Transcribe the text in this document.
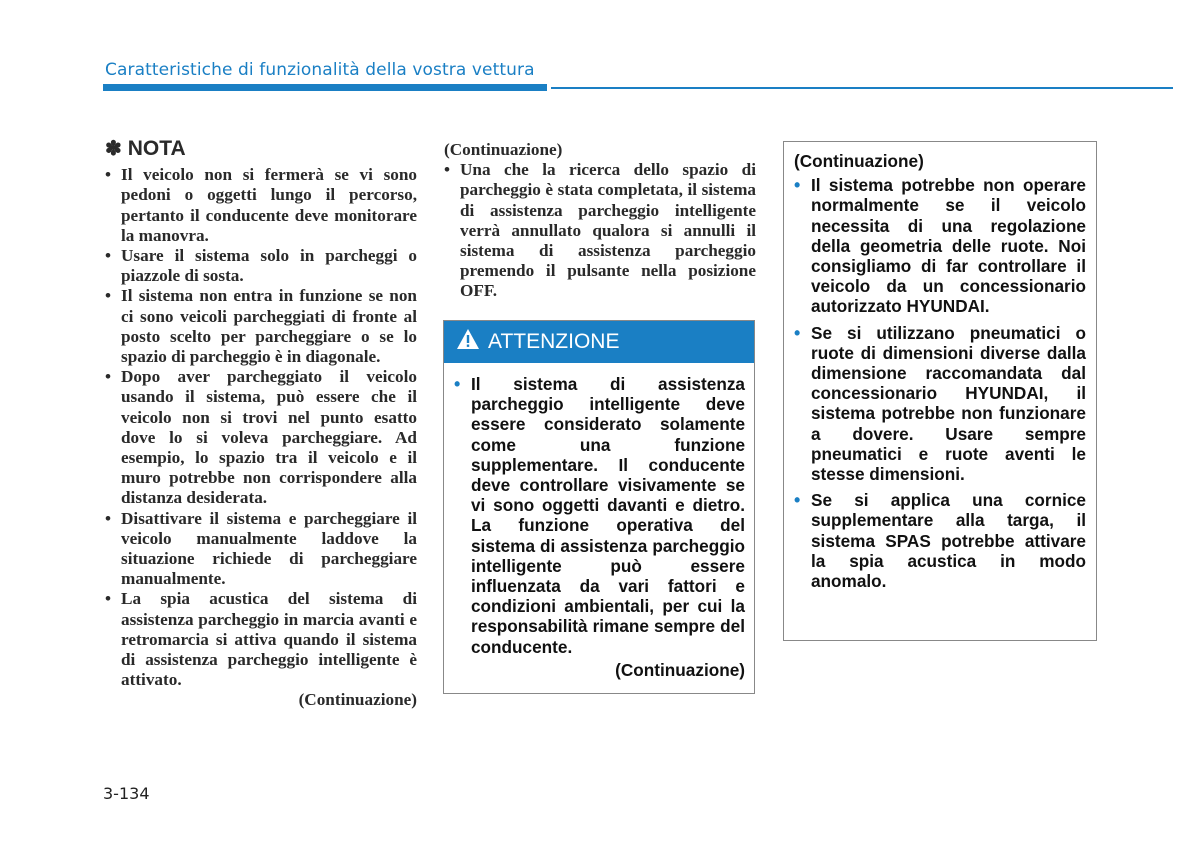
Caratteristiche di funzionalità della vostra vettura
✽ NOTA
• Il veicolo non si fermerà se vi sono pedoni o oggetti lungo il percorso, pertanto il conducente deve monitorare la manovra.
• Usare il sistema solo in parcheggi o piazzole di sosta.
• Il sistema non entra in funzione se non ci sono veicoli parcheggiati di fronte al posto scelto per parcheggiare o se lo spazio di parcheggio è in diagonale.
• Dopo aver parcheggiato il veicolo usando il sistema, può essere che il veicolo non si trovi nel punto esatto dove lo si voleva parcheggiare. Ad esempio, lo spazio tra il veicolo e il muro potrebbe non corrispondere alla distanza desiderata.
• Disattivare il sistema e parcheggiare il veicolo manualmente laddove la situazione richiede di parcheggiare manualmente.
• La spia acustica del sistema di assistenza parcheggio in marcia avanti e retromarcia si attiva quando il sistema di assistenza parcheggio intelligente è attivato.
(Continuazione)
(Continuazione)
• Una che la ricerca dello spazio di parcheggio è stata completata, il sistema di assistenza parcheggio intelligente verrà annullato qualora si annulli il sistema di assistenza parcheggio premendo il pulsante nella posizione OFF.
ATTENZIONE
• Il sistema di assistenza parcheggio intelligente deve essere considerato solamente come una funzione supplementare. Il conducente deve controllare visivamente se vi sono oggetti davanti e dietro. La funzione operativa del sistema di assistenza parcheggio intelligente può essere influenzata da vari fattori e condizioni ambientali, per cui la responsabilità rimane sempre del conducente.
(Continuazione)
(Continuazione)
• Il sistema potrebbe non operare normalmente se il veicolo necessita di una regolazione della geometria delle ruote. Noi consigliamo di far controllare il veicolo da un concessionario autorizzato HYUNDAI.
• Se si utilizzano pneumatici o ruote di dimensioni diverse dalla dimensione raccomandata dal concessionario HYUNDAI, il sistema potrebbe non funzionare a dovere. Usare sempre pneumatici e ruote aventi le stesse dimensioni.
• Se si applica una cornice supplementare alla targa, il sistema SPAS potrebbe attivare la spia acustica in modo anomalo.
3-134
